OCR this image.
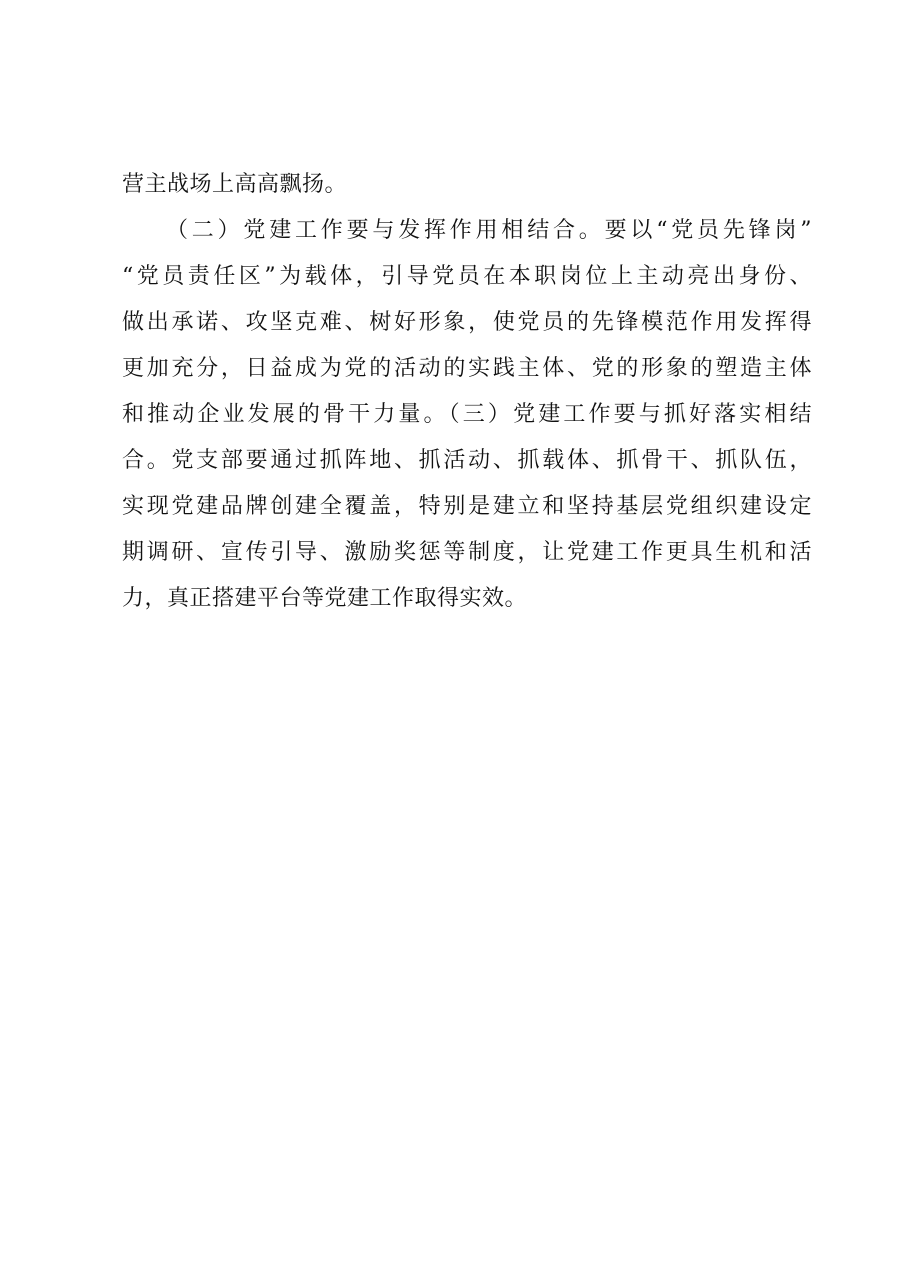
营主战场上高高飘扬。
（二）党建工作要与发挥作用相结合。要以“党员先锋岗”
“党员责任区”为载体，引导党员在本职岗位上主动亮出身份、
做出承诺、攻坚克难、树好形象，使党员的先锋模范作用发挥得
更加充分，日益成为党的活动的实践主体、党的形象的塑造主体
和推动企业发展的骨干力量。（三）党建工作要与抓好落实相结
合。党支部要通过抓阵地、抓活动、抓载体、抓骨干、抓队伍，
实现党建品牌创建全覆盖，特别是建立和坚持基层党组织建设定
期调研、宣传引导、激励奖惩等制度，让党建工作更具生机和活
力，真正搭建平台等党建工作取得实效。
